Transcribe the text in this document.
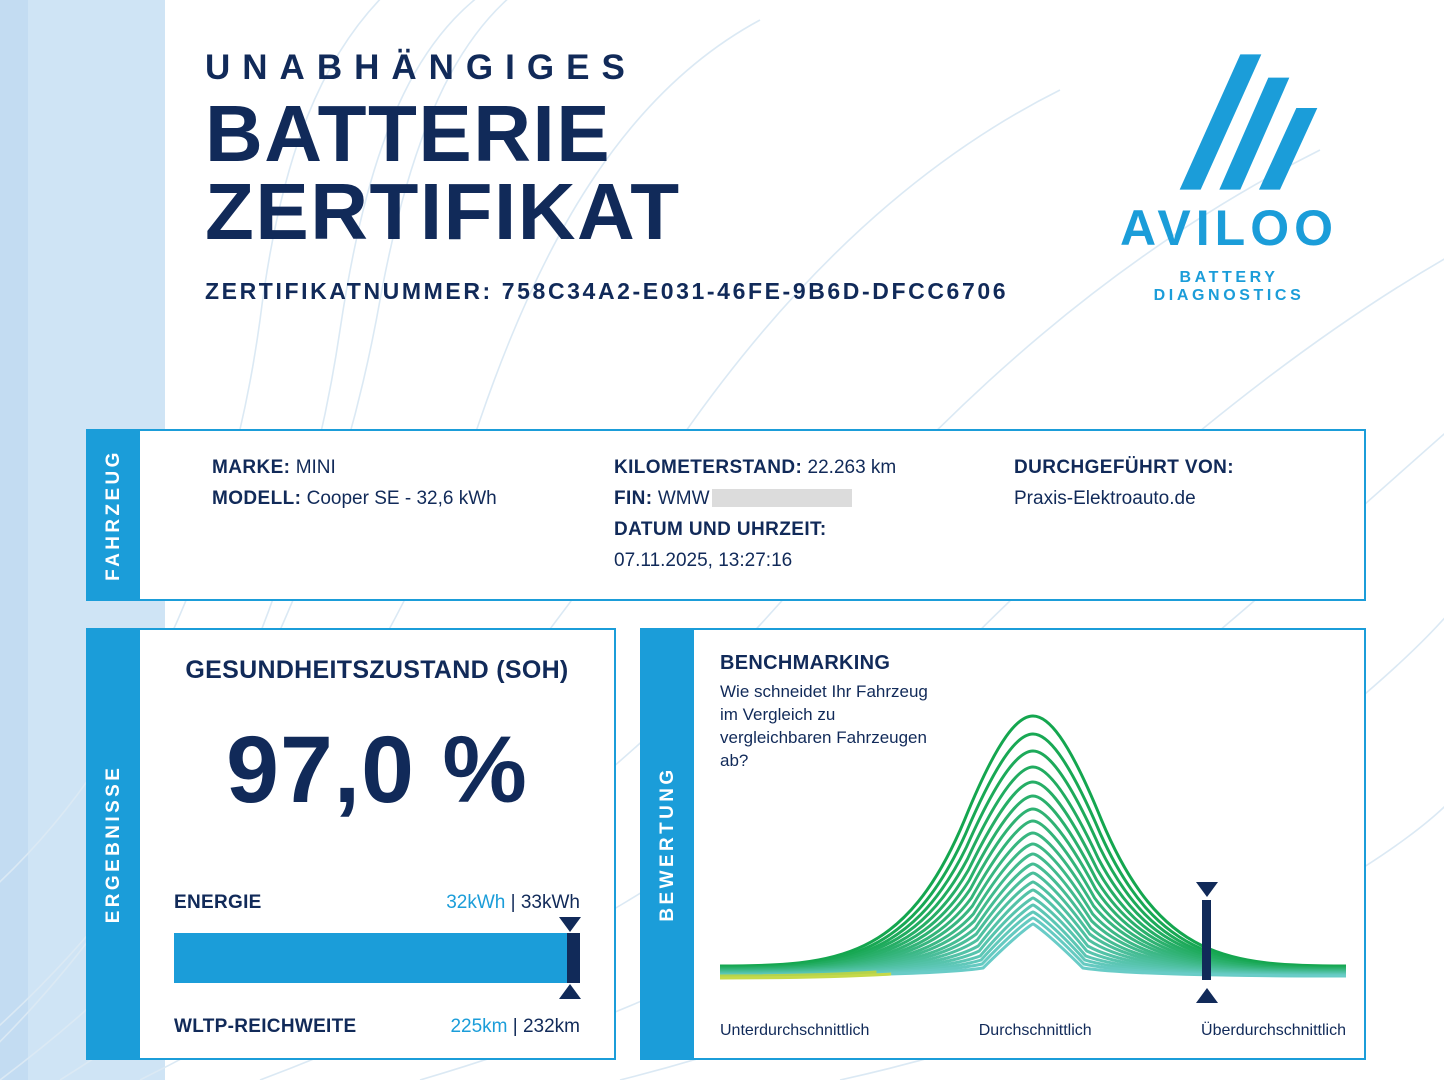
UNABHÄNGIGES
BATTERIE
ZERTIFIKAT
ZERTIFIKATNUMMER: 758C34A2-E031-46FE-9B6D-DFCC6706
AVILOO
BATTERY DIAGNOSTICS
FAHRZEUG	MARKE: MINI
MODELL: Cooper SE - 32,6 kWh
KILOMETERSTAND: 22.263 km
FIN: WMW
DATUM UND UHRZEIT:
07.11.2025, 13:27:16
DURCHGEFÜHRT VON:
Praxis-Elektroauto.de
ERGEBNISSE
GESUNDHEITSZUSTAND (SOH)
97,0 %
ENERGIE	32kWh | 33kWh
WLTP-REICHWEITE	225km | 232km
BEWERTUNG
BENCHMARKING
Wie schneidet Ihr Fahrzeug im Vergleich zu vergleichbaren Fahrzeugen ab?
Unterdurchschnittlich	Durchschnittlich	Überdurchschnittlich
